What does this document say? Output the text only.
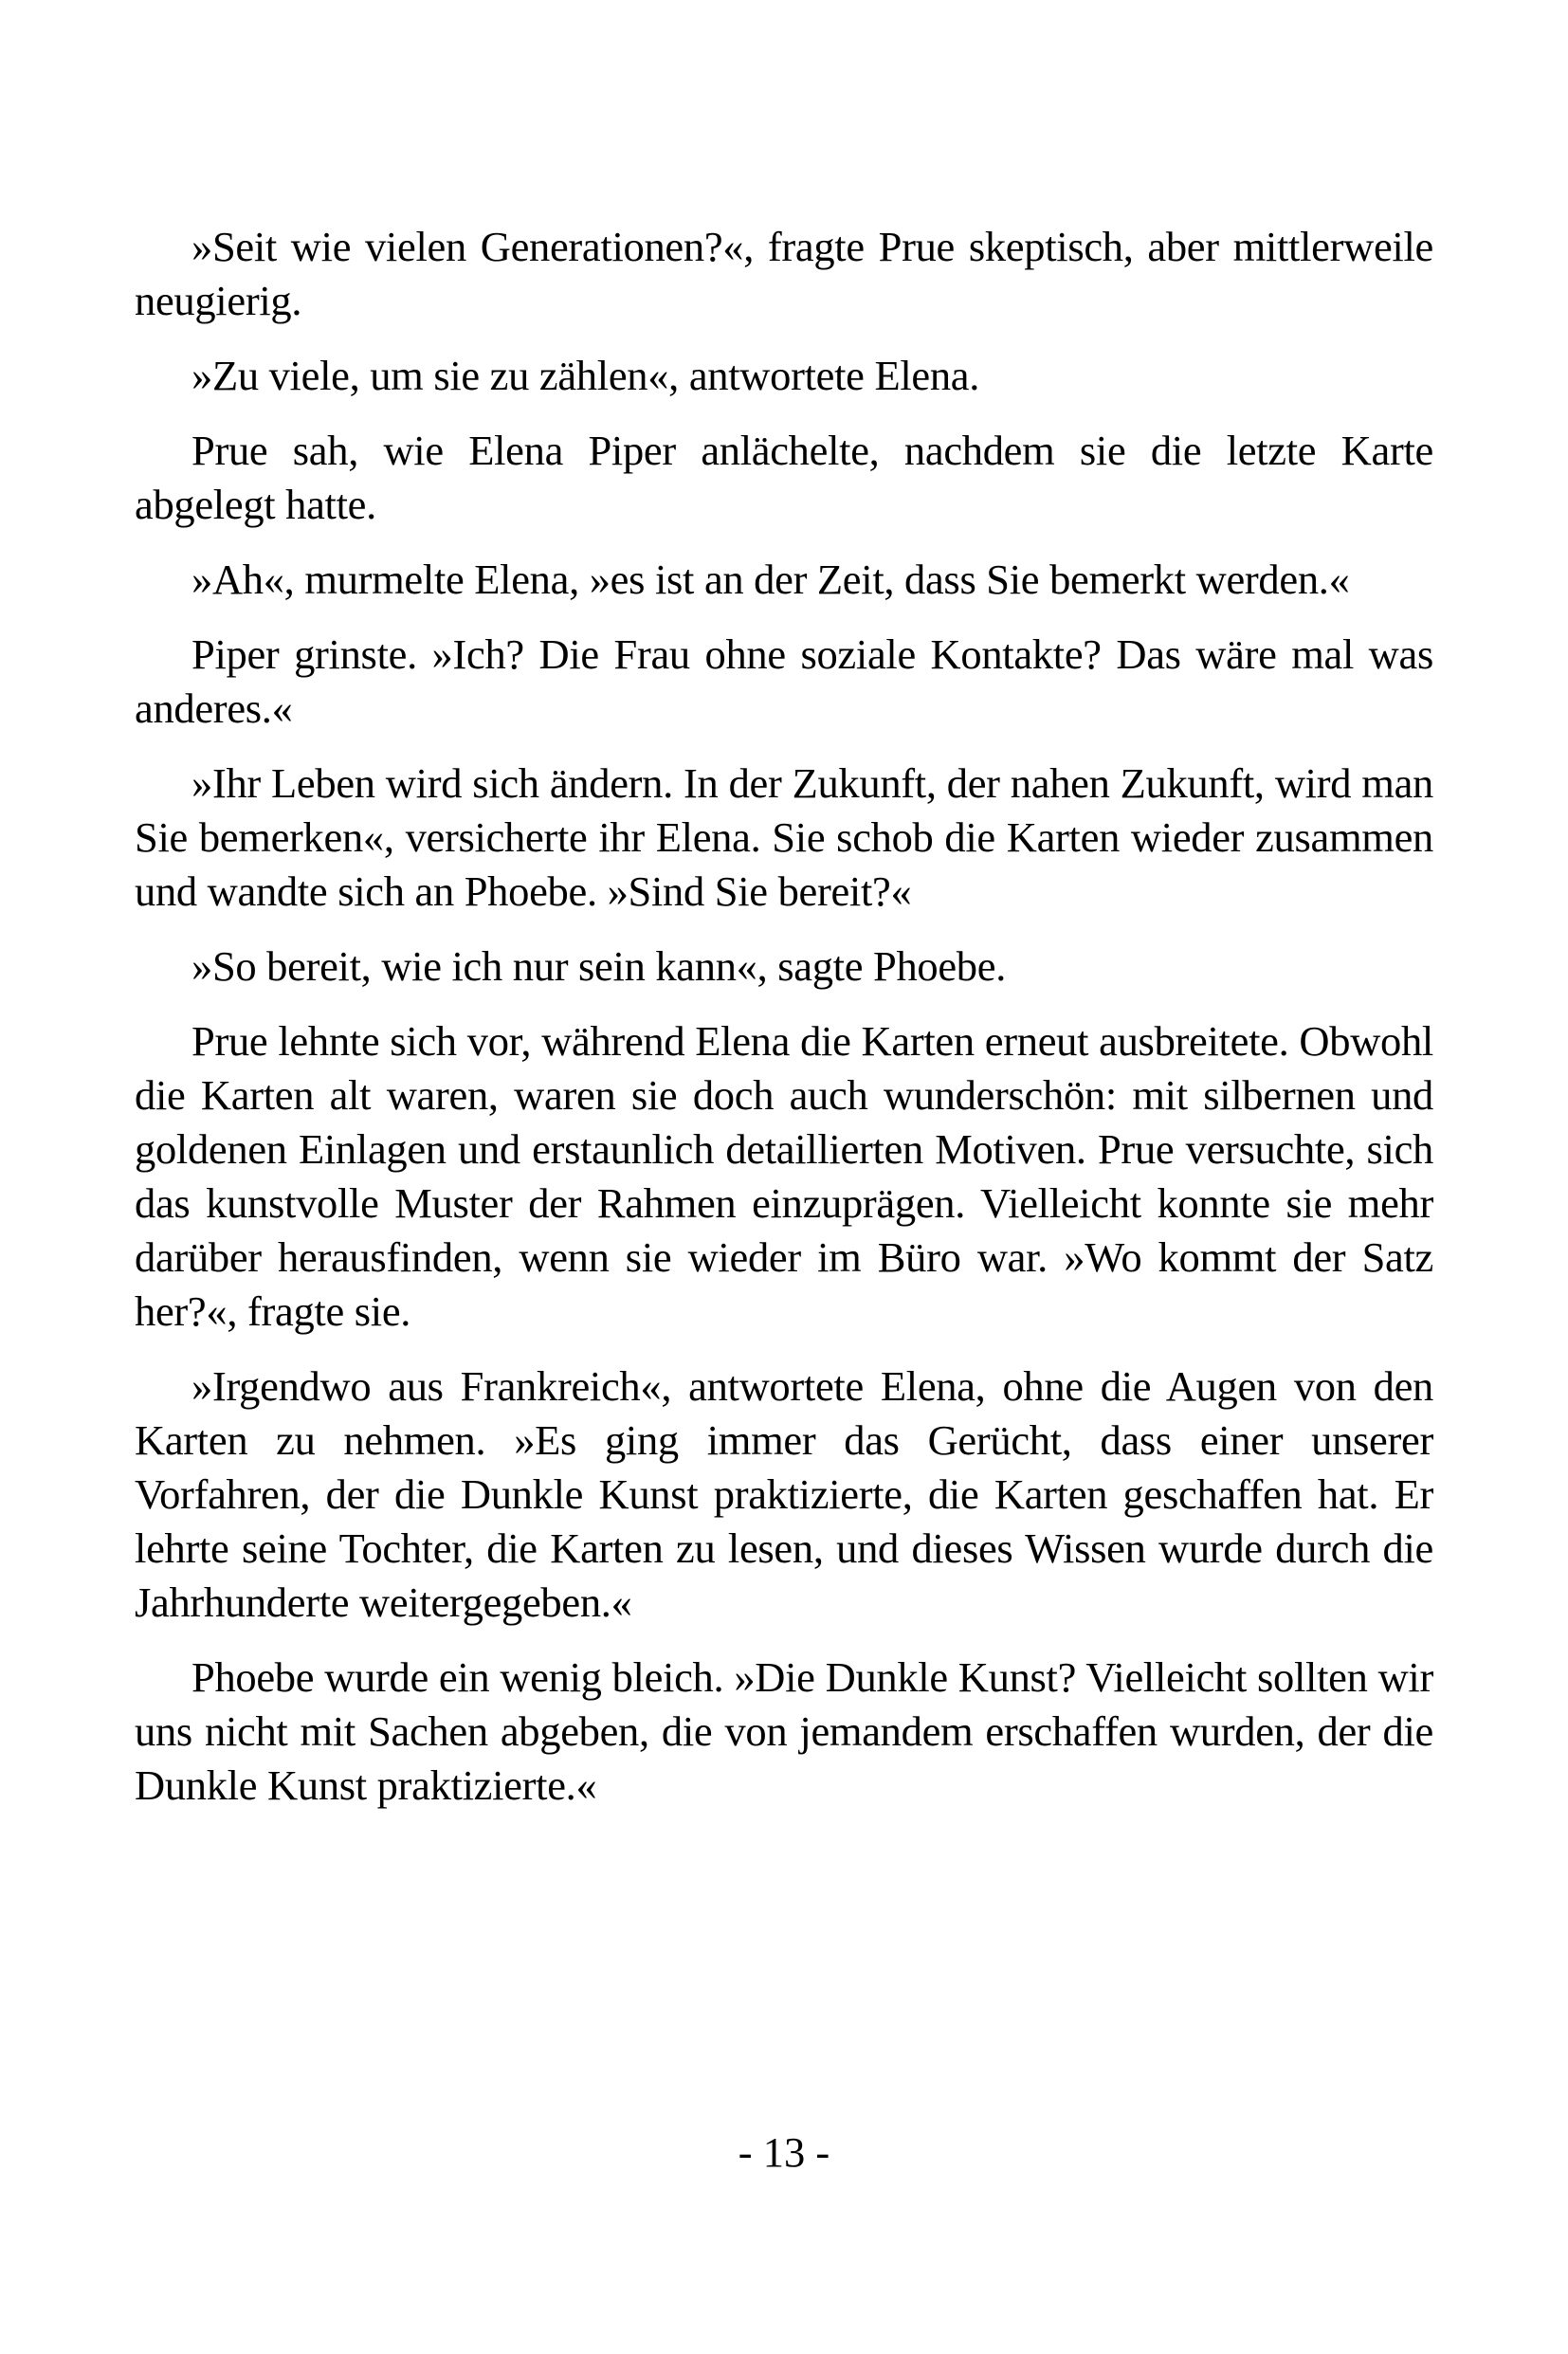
»Seit wie vielen Generationen?«, fragte Prue skeptisch, aber mittlerweile neugierig.

»Zu viele, um sie zu zählen«, antwortete Elena.

Prue sah, wie Elena Piper anlächelte, nachdem sie die letzte Karte abgelegt hatte.

»Ah«, murmelte Elena, »es ist an der Zeit, dass Sie bemerkt werden.«

Piper grinste. »Ich? Die Frau ohne soziale Kontakte? Das wäre mal was anderes.«

»Ihr Leben wird sich ändern. In der Zukunft, der nahen Zukunft, wird man Sie bemerken«, versicherte ihr Elena. Sie schob die Karten wieder zusammen und wandte sich an Phoebe. »Sind Sie bereit?«

»So bereit, wie ich nur sein kann«, sagte Phoebe.

Prue lehnte sich vor, während Elena die Karten erneut ausbreitete. Obwohl die Karten alt waren, waren sie doch auch wunderschön: mit silbernen und goldenen Einlagen und erstaunlich detaillierten Motiven. Prue versuchte, sich das kunstvolle Muster der Rahmen einzuprägen. Vielleicht konnte sie mehr darüber herausfinden, wenn sie wieder im Büro war. »Wo kommt der Satz her?«, fragte sie.

»Irgendwo aus Frankreich«, antwortete Elena, ohne die Augen von den Karten zu nehmen. »Es ging immer das Gerücht, dass einer unserer Vorfahren, der die Dunkle Kunst praktizierte, die Karten geschaffen hat. Er lehrte seine Tochter, die Karten zu lesen, und dieses Wissen wurde durch die Jahrhunderte weitergegeben.«

Phoebe wurde ein wenig bleich. »Die Dunkle Kunst? Vielleicht sollten wir uns nicht mit Sachen abgeben, die von jemandem erschaffen wurden, der die Dunkle Kunst praktizierte.«

- 13 -
